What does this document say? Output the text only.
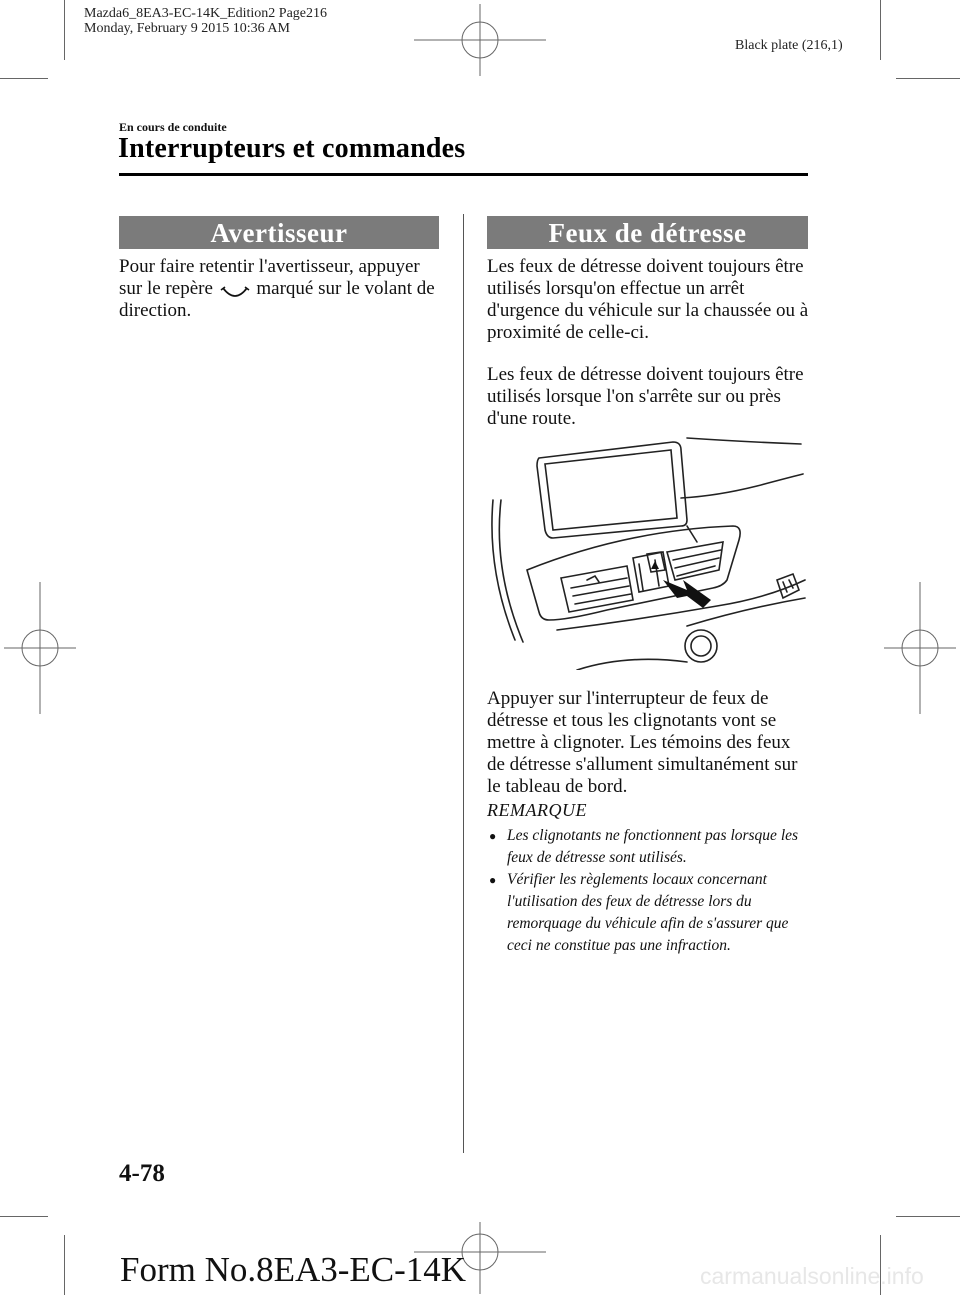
Mazda6_8EA3-EC-14K_Edition2 Page216
Monday, February 9 2015 10:36 AM
Black plate (216,1)
En cours de conduite
Interrupteurs et commandes
Avertisseur
Pour faire retentir l'avertisseur, appuyer sur le repère marqué sur le volant de direction.
Feux de détresse

Les feux de détresse doivent toujours être utilisés lorsqu'on effectue un arrêt d'urgence du véhicule sur la chaussée ou à proximité de celle-ci.

Les feux de détresse doivent toujours être utilisés lorsque l'on s'arrête sur ou près d'une route.

Appuyer sur l'interrupteur de feux de détresse et tous les clignotants vont se mettre à clignoter. Les témoins des feux de détresse s'allument simultanément sur le tableau de bord.
REMARQUE
● Les clignotants ne fonctionnent pas lorsque les feux de détresse sont utilisés.
● Vérifier les règlements locaux concernant l'utilisation des feux de détresse lors du remorquage du véhicule afin de s'assurer que ceci ne constitue pas une infraction.
4-78
Form No.8EA3-EC-14K	carmanualsonline.info
